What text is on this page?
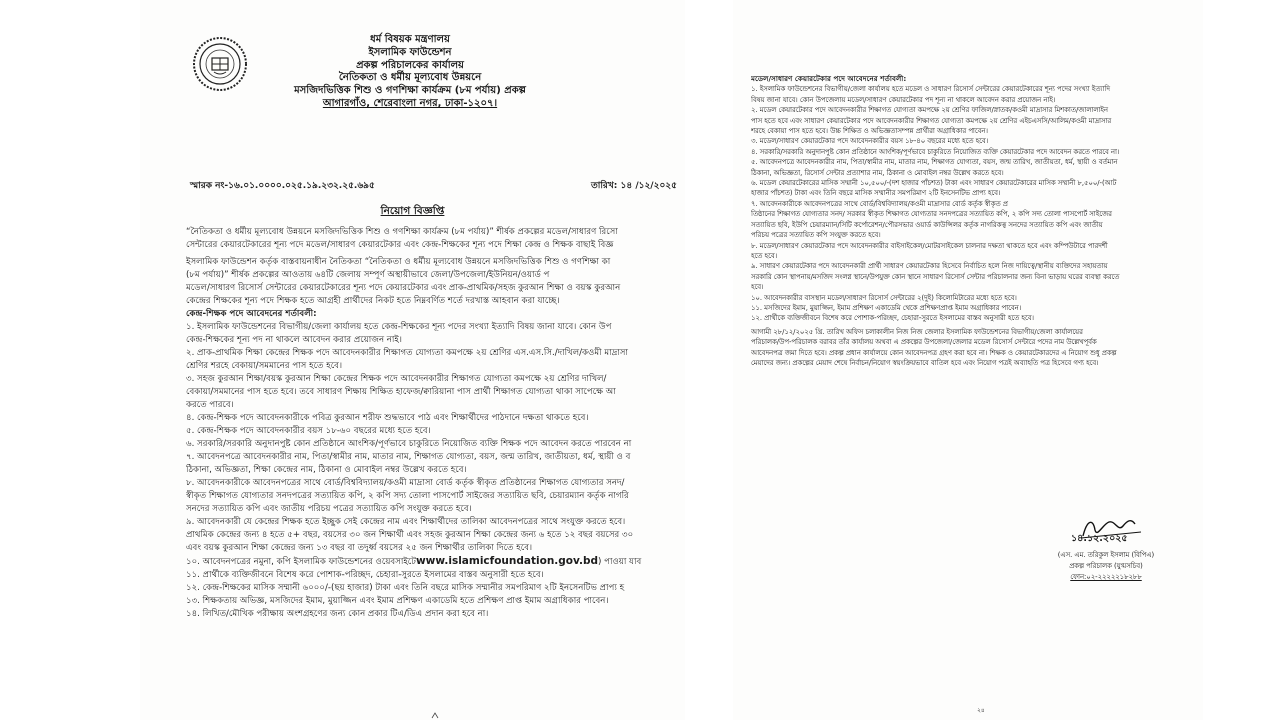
ধর্ম বিষয়ক মন্ত্রণালয়
ইসলামিক ফাউন্ডেশন
প্রকল্প পরিচালকের কার্যালয়
নৈতিকতা ও ধর্মীয় মূল্যবোধ উন্নয়নে
মসজিদভিত্তিক শিশু ও গণশিক্ষা কার্যক্রম (৮ম পর্যায়) প্রকল্প
আগারগাঁও, শেরেবাংলা নগর, ঢাকা-১২০৭।
স্মারক নং-১৬.০১.০০০০.০২৫.১৯.২৩২.২৫.৬৯৫	তারিখ: ১৪ /১২/২০২৫
নিয়োগ বিজ্ঞপ্তি
“নৈতিকতা ও ধর্মীয় মূল্যবোধ উন্নয়নে মসজিদভিত্তিক শিশু ও গণশিক্ষা কার্যক্রম (৮ম পর্যায়)” শীর্ষক প্রকল্পের মডেল/সাধারণ রিসো
সেন্টারের কেয়ারটেকারের শূন্য পদে মডেল/সাধারণ কেয়ারটেকার এবং কেন্দ্র-শিক্ষকের শূন্য পদে শিক্ষা কেন্দ্র ও শিক্ষক বাছাই বিজ্ঞ
ইসলামিক ফাউন্ডেশন কর্তৃক বাস্তবায়নাধীন নৈতিকতা “নৈতিকতা ও ধর্মীয় মূল্যবোধ উন্নয়নে মসজিদভিত্তিক শিশু ও গণশিক্ষা কা
(৮ম পর্যায়)” শীর্ষক প্রকল্পের আওতায় ৬৪টি জেলায় সম্পূর্ণ অস্থায়ীভাবে জেলা/উপজেলা/ইউনিয়ন/ওয়ার্ড প
মডেল/সাধারণ রিসোর্স সেন্টারের কেয়ারটেকারের শূন্য পদে কেয়ারটেকার এবং প্রাক-প্রাথমিক/সহজ কুরআন শিক্ষা ও বয়স্ক কুরআন
কেন্দ্রের শিক্ষকের শূন্য পদে শিক্ষক হতে আগ্রহী প্রার্থীদের নিকট হতে নিম্নবর্ণিত শর্তে দরখাস্ত আহবান করা যাচ্ছে।
কেন্দ্র-শিক্ষক পদে আবেদনের শর্তাবলী:
১. ইসলামিক ফাউন্ডেশনের বিভাগীয়/জেলা কার্যালয় হতে কেন্দ্র-শিক্ষকের শূন্য পদের সংখ্যা ইত্যাদি বিষয় জানা যাবে। কোন উপ
কেন্দ্র-শিক্ষকের শূন্য পদ না থাকলে আবেদন করার প্রয়োজন নাই।
২. প্রাক-প্রাথমিক শিক্ষা কেন্দ্রের শিক্ষক পদে আবেদনকারীর শিক্ষাগত যোগ্যতা কমপক্ষে ২য় শ্রেণির এস.এস.সি./দাখিল/কওমী মাদ্রাসা
শ্রেণির শরহে বেকায়া/সমমানের পাস হতে হবে।
৩. সহজ কুরআন শিক্ষা/বয়স্ক কুরআন শিক্ষা কেন্দ্রের শিক্ষক পদে আবেদনকারীর শিক্ষাগত যোগ্যতা কমপক্ষে ২য় শ্রেণির দাখিল/
বেকায়া/সমমানের পাস হতে হবে। তবে সাধারণ শিক্ষায় শিক্ষিত হাফেজ/ক্বারিয়ানা পাস প্রার্থী শিক্ষাগত যোগ্যতা থাকা সাপেক্ষে আ
করতে পারবে।
৪. কেন্দ্র-শিক্ষক পদে আবেদনকারীকে পবিত্র কুরআন শরীফ শুদ্ধভাবে পাঠ এবং শিক্ষার্থীদের পাঠদানে দক্ষতা থাকতে হবে।
৫. কেন্দ্র-শিক্ষক পদে আবেদনকারীর বয়স ১৮-৬০ বছরের মধ্যে হতে হবে।
৬. সরকারি/সরকারি অনুদানপুষ্ট কোন প্রতিষ্ঠানে আংশিক/পূর্ণভাবে চাকুরিতে নিয়োজিত ব্যক্তি শিক্ষক পদে আবেদন করতে পারবেন না
৭. আবেদনপত্রে আবেদনকারীর নাম, পিতা/স্বামীর নাম, মাতার নাম, শিক্ষাগত যোগ্যতা, বয়স, জন্ম তারিখ, জাতীয়তা, ধর্ম, স্থায়ী ও ব
ঠিকানা, অভিজ্ঞতা, শিক্ষা কেন্দ্রের নাম, ঠিকানা ও মোবাইল নম্বর উল্লেখ করতে হবে।
৮. আবেদনকারীকে আবেদনপত্রের সাথে বোর্ড/বিশ্ববিদ্যালয়/কওমী মাদ্রাসা বোর্ড কর্তৃক স্বীকৃত প্রতিষ্ঠানের শিক্ষাগত যোগ্যতার সনদ/
স্বীকৃত শিক্ষাগত যোগ্যতার সনদপত্রের সত্যায়িত কপি, ২ কপি সদ্য তোলা পাসপোর্ট সাইজের সত্যায়িত ছবি, চেয়ারম্যান কর্তৃক নাগরি
সনদের সত্যায়িত কপি এবং জাতীয় পরিচয় পত্রের সত্যায়িত কপি সংযুক্ত করতে হবে।
৯. আবেদনকারী যে কেন্দ্রের শিক্ষক হতে ইচ্ছুক সেই কেন্দ্রের নাম এবং শিক্ষার্থীদের তালিকা আবেদনপত্রের সাথে সংযুক্ত করতে হবে।
প্রাথমিক কেন্দ্রের জন্য ৪ হতে ৫+ বছর, বয়সের ৩০ জন শিক্ষার্থী এবং সহজ কুরআন শিক্ষা কেন্দ্রের জন্য ৬ হতে ১২ বছর বয়সের ৩০
এবং বয়স্ক কুরআন শিক্ষা কেন্দ্রের জন্য ১৩ বছর বা তদুর্ধ্ব বয়সের ২৫ জন শিক্ষার্থীর তালিকা দিতে হবে।
১০. আবেদনপত্রের নমুনা, কপি ইসলামিক ফাউন্ডেশনের ওয়েবসাইটেwww.islamicfoundation.gov.bd) পাওয়া যাব
১১. প্রার্থীকে ব্যক্তিজীবনে বিশেষ করে পোশাক-পরিচ্ছদ, চেহারা-সুরতে ইসলামের বাস্তব অনুসারী হতে হবে।
১২. কেন্দ্র-শিক্ষকের মাসিক সম্মানী ৬০০০/-(ছয় হাজার) টাকা এবং তিনি বছরে মাসিক সম্মানীর সমপরিমাণ ২টি ইনসেনটিভ প্রাপ্য হ
১৩. শিক্ষকতায় অভিজ্ঞ, মসজিদের ইমাম, মুয়াজ্জিন এবং ইমাম প্রশিক্ষণ একাডেমি হতে প্রশিক্ষণ প্রাপ্ত ইমাম অগ্রাধিকার পাবেন।
১৪. লিখিত/মৌখিক পরীক্ষায় অংশগ্রহণের জন্য কোন প্রকার টিএ/ডিএ প্রদান করা হবে না।
মডেল/সাধারণ কেয়ারটেকার পদে আবেদনের শর্তাবলী:
১. ইসলামিক ফাউন্ডেশনের বিভাগীয়/জেলা কার্যালয় হতে মডেল ও সাধারণ রিসোর্স সেন্টারের কেয়ারটেকারের শূন্য পদের সংখ্যা ইত্যাদি
বিষয় জানা যাবে। কোন উপজেলায় মডেল/সাধারণ কেয়ারটেকার পদ শূন্য না থাকলে আবেদন করার প্রয়োজন নাই।
২. মডেল কেয়ারটেকার পদে আবেদনকারীর শিক্ষাগত যোগ্যতা কমপক্ষে ২য় শ্রেণির ফাজিল/স্নাতক/কওমী মাদ্রাসার মিশকাত/জালালাইন
পাস হতে হবে এবং সাধারণ কেয়ারটেকার পদে আবেদনকারীর শিক্ষাগত যোগ্যতা কমপক্ষে ২য় শ্রেণির এইচএসসি/আলিম/কওমী মাদ্রাসার
শরহে বেকায়া পাস হতে হবে। উচ্চ শিক্ষিত ও অভিজ্ঞতাসম্পন্ন প্রার্থীরা অগ্রাধিকার পাবেন।
৩. মডেল/সাধারণ কেয়ারটেকার পদে আবেদনকারীর বয়স ১৮-৪০ বছরের মধ্যে হতে হবে।
৪. সরকারি/সরকারি অনুদানপুষ্ট কোন প্রতিষ্ঠানে আংশিক/পূর্ণভাবে চাকুরিতে নিয়োজিত ব্যক্তি কেয়ারটেকার পদে আবেদন করতে পারবে না।
৫. আবেদনপত্রে আবেদনকারীর নাম, পিতা/স্বামীর নাম, মাতার নাম, শিক্ষাগত যোগ্যতা, বয়স, জন্ম তারিখ, জাতীয়তা, ধর্ম, স্থায়ী ও বর্তমান
ঠিকানা, অভিজ্ঞতা, রিসোর্স সেন্টার প্রত্যাশার নাম, ঠিকানা ও মোবাইল নম্বর উল্লেখ করতে হবে।
৬. মডেল কেয়ারটেকারের মাসিক সম্মানী ১০,৫০০/-(দশ হাজার পাঁচশত) টাকা এবং সাধারণ কেয়ারটেকারের মাসিক সম্মানী ৮,৫০০/-(আট
হাজার পাঁচশত) টাকা এবং তিনি বছরে মাসিক সম্মানীর সমপরিমাণ ২টি ইনসেনটিভ প্রাপ্য হবে।
৭. আবেদনকারীকে আবেদনপত্রের সাথে বোর্ড/বিশ্ববিদ্যালয়/কওমী মাদ্রাসার বোর্ড কর্তৃক স্বীকৃত প্র
তিষ্ঠানের শিক্ষাগত যোগ্যতার সনদ/ সরকার স্বীকৃত শিক্ষাগত যোগ্যতার সনদপত্রের সত্যায়িত কপি, ২ কপি সদ্য তোলা পাসপোর্ট সাইজের
সত্যায়িত ছবি, ইউপি চেয়ারম্যান/সিটি কর্পোরেশন/পৌরসভার ওয়ার্ড কাউন্সিলর কর্তৃক নাগরিকত্ব সনদের সত্যায়িত কপি এবং জাতীয়
পরিচয় পত্রের সত্যায়িত কপি সংযুক্ত করতে হবে।
৮. মডেল/সাধারণ কেয়ারটেকার পদে আবেদনকারীর বাইসাইকেল/মোটরসাইকেল চালনার দক্ষতা থাকতে হবে এবং কম্পিউটারে পারদর্শী
হতে হবে।
৯. সাধারণ কেয়ারটেকার পদে আবেদনকারী প্রার্থী সাধারণ কেয়ারটেকার হিসেবে নির্বাচিত হলে নিজ দায়িত্বে/স্থানীয় ব্যক্তিদের সহায়তায়
সরকারি কোন স্থাপনায়/মসজিদ সংলগ্ন স্থানে/উপযুক্ত কোন স্থানে সাধারণ রিসোর্স সেন্টার পরিচালনার জন্য বিনা ভাড়ায় ঘরের ব্যবস্থা করতে
হবে।
১০. আবেদনকারীর বাসস্থান মডেল/সাধারণ রিসোর্স সেন্টারের ২(দুই) কিলোমিটারের মধ্যে হতে হবে।
১১. মসজিদের ইমাম, মুয়াজ্জিন, ইমাম প্রশিক্ষণ একাডেমি থেকে প্রশিক্ষণপ্রাপ্ত ইমাম অগ্রাধিকার পাবেন।
১২. প্রার্থীকে ব্যক্তিজীবনে বিশেষ করে পোশাক-পরিচ্ছদ, চেহারা-সুরতে ইসলামের বাস্তব অনুসারী হতে হবে।
আগামী ২৮/১২/২০২৫ খ্রি. তারিখ অফিস চলাকালীন নিজ নিজ জেলার ইসলামিক ফাউন্ডেশনের বিভাগীয়/জেলা কার্যালয়ের
পরিচালক/উপ-পরিচালক বরাবর তাঁর কার্যালয় অথবা এ প্রকল্পের উপজেলা/জেলার মডেল রিসোর্স সেন্টারে পদের নাম উল্লেখপূর্বক
আবেদনপত্র জমা দিতে হবে। প্রকল্প প্রধান কার্যালয়ে কোন আবেদনপত্র গ্রহণ করা হবে না। শিক্ষক ও কেয়ারটেকারদের এ নিয়োগ শুধু প্রকল্প
মেয়াদের জন্য। প্রকল্পের মেয়াদ শেষে নির্বাচন/নিয়োগ স্বয়ংক্রিয়ভাবে বাতিল হবে এবং নিয়োগ পত্রই অব্যাহতি পত্র হিসেবে গণ্য হবে।
১৪.১২.২০২৫
(এস. এম. তরিকুল ইসলাম (বিপিএ)
প্রকল্প পরিচালক (যুগ্মসচিব)
ফোন:০২-২২২২২১৮২৮৮
২৪
